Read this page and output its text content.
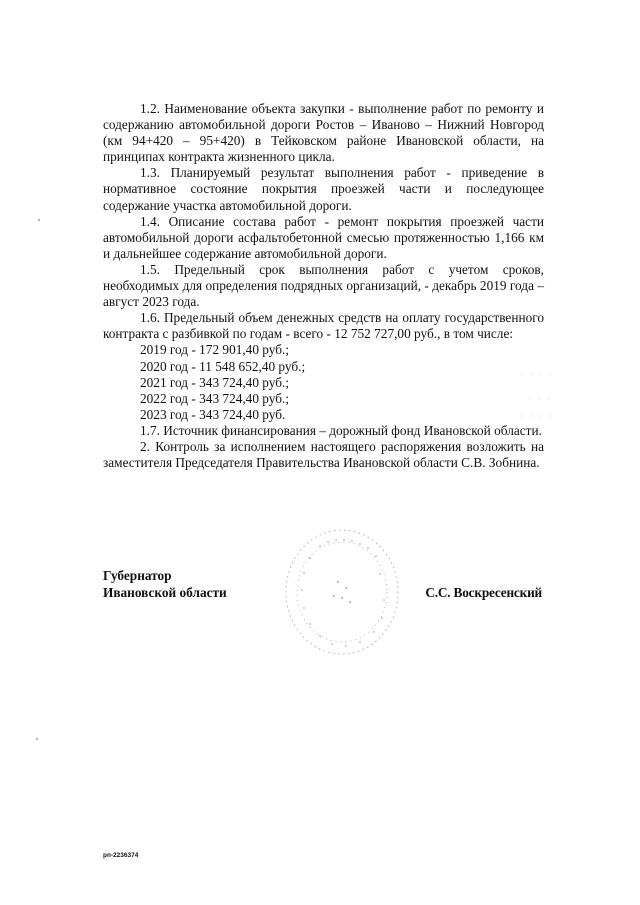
1.2. Наименование объекта закупки - выполнение работ по ремонту и содержанию автомобильной дороги Ростов – Иваново – Нижний Новгород (км 94+420 – 95+420) в Тейковском районе Ивановской области, на принципах контракта жизненного цикла.

1.3. Планируемый результат выполнения работ - приведение в нормативное состояние покрытия проезжей части и последующее содержание участка автомобильной дороги.

1.4. Описание состава работ - ремонт покрытия проезжей части автомобильной дороги асфальтобетонной смесью протяженностью 1,166 км и дальнейшее содержание автомобильной дороги.

1.5. Предельный срок выполнения работ с учетом сроков, необходимых для определения подрядных организаций, - декабрь 2019 года – август 2023 года.

1.6. Предельный объем денежных средств на оплату государственного контракта с разбивкой по годам - всего - 12 752 727,00 руб., в том числе:

2019 год - 172 901,40 руб.;

2020 год - 11 548 652,40 руб.;

2021 год - 343 724,40 руб.;

2022 год - 343 724,40 руб.;

2023 год - 343 724,40 руб.

1.7. Источник финансирования – дорожный фонд Ивановской области.

2. Контроль за исполнением настоящего распоряжения возложить на заместителя Председателя Правительства Ивановской области С.В. Зобнина.

Губернатор
Ивановской области	С.С. Воскресенский
· · · ·
· · ·
· · · ·
рп-2236374
